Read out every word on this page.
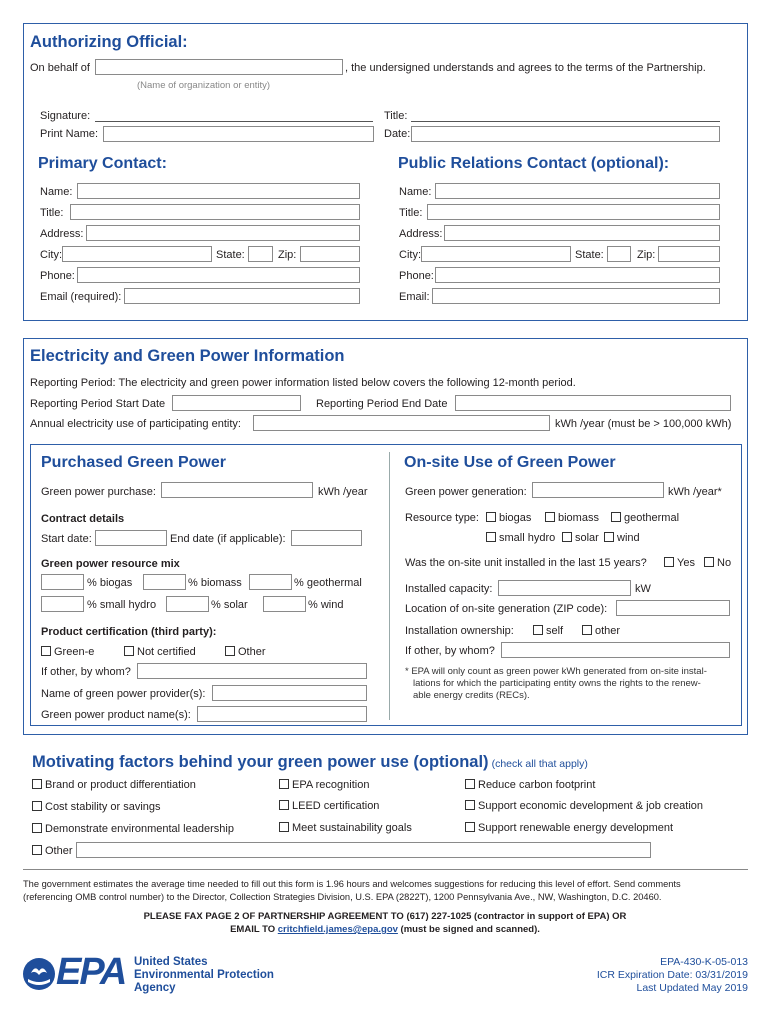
Authorizing Official:
On behalf of	, the undersigned understands and agrees to the terms of the Partnership.
(Name of organization or entity)
Signature:	Title:
Print Name:	Date:
Primary Contact:
Name:
Title:
Address:
City:	State:	Zip:
Phone:
Email (required):
Public Relations Contact (optional):
Name:
Title:
Address:
City:	State:	Zip:
Phone:
Email:
Electricity and Green Power Information
Reporting Period: The electricity and green power information listed below covers the following 12-month period.
Reporting Period Start Date	Reporting Period End Date
Annual electricity use of participating entity:	kWh /year (must be > 100,000 kWh)
Purchased Green Power
Green power purchase:	kWh /year
Contract details
Start date:	End date (if applicable):
Green power resource mix
% biogas	% biomass	% geothermal
% small hydro	% solar	% wind
Product certification (third party):
Green-e	Not certified	Other
If other, by whom?
Name of green power provider(s):
Green power product name(s):
On-site Use of Green Power
Green power generation:	kWh /year*
Resource type:	biogas	biomass	geothermal
small hydro	solar	wind
Was the on-site unit installed in the last 15 years?	Yes	No
Installed capacity:	kW
Location of on-site generation (ZIP code):
Installation ownership:	self	other
If other, by whom?
* EPA will only count as green power kWh generated from on-site instal-
lations for which the participating entity owns the rights to the renew-
able energy credits (RECs).
Motivating factors behind your green power use (optional) (check all that apply)
Brand or product differentiation	EPA recognition	Reduce carbon footprint
Cost stability or savings	LEED certification	Support economic development & job creation
Demonstrate environmental leadership	Meet sustainability goals	Support renewable energy development
Other
The government estimates the average time needed to fill out this form is 1.96 hours and welcomes suggestions for reducing this level of effort. Send comments
(referencing OMB control number) to the Director, Collection Strategies Division, U.S. EPA (2822T), 1200 Pennsylvania Ave., NW, Washington, D.C. 20460.
PLEASE FAX PAGE 2 OF PARTNERSHIP AGREEMENT TO (617) 227-1025 (contractor in support of EPA) OR
EMAIL TO critchfield.james@epa.gov (must be signed and scanned).
EPA United States
Environmental Protection
Agency
EPA-430-K-05-013
ICR Expiration Date: 03/31/2019
Last Updated May 2019
